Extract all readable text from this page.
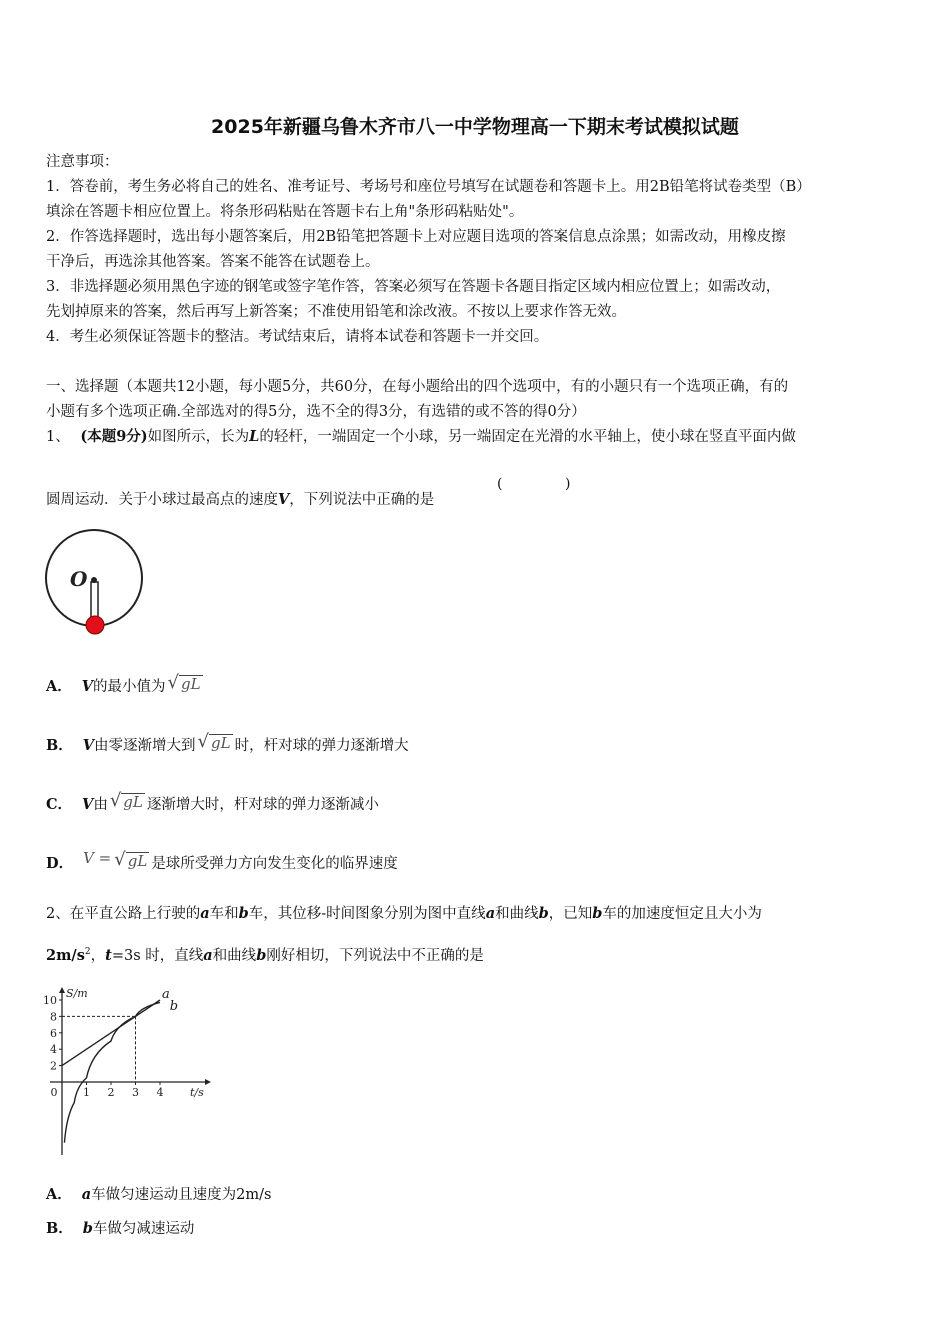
2025年新疆乌鲁木齐市八一中学物理高一下期末考试模拟试题
注意事项：
1．答卷前，考生务必将自己的姓名、准考证号、考场号和座位号填写在试题卷和答题卡上。用2B铅笔将试卷类型（B）
填涂在答题卡相应位置上。将条形码粘贴在答题卡右上角"条形码粘贴处"。
2．作答选择题时，选出每小题答案后，用2B铅笔把答题卡上对应题目选项的答案信息点涂黑；如需改动，用橡皮擦
干净后，再选涂其他答案。答案不能答在试题卷上。
3．非选择题必须用黑色字迹的钢笔或签字笔作答，答案必须写在答题卡各题目指定区域内相应位置上；如需改动，
先划掉原来的答案，然后再写上新答案；不准使用铅笔和涂改液。不按以上要求作答无效。
4．考生必须保证答题卡的整洁。考试结束后，请将本试卷和答题卡一并交回。
一、选择题（本题共12小题，每小题5分，共60分，在每小题给出的四个选项中，有的小题只有一个选项正确，有的
小题有多个选项正确.全部选对的得5分，选不全的得3分，有选错的或不答的得0分）
1、 (本题9分)如图所示，长为L的轻杆，一端固定一个小球，另一端固定在光滑的水平轴上，使小球在竖直平面内做
圆周运动．关于小球过最高点的速度V，下列说法中正确的是
(	)
O
A． V 的最小值为 √ gL
B． V 由零逐渐增大到 √ gL 时，杆对球的弹力逐渐增大
C． V 由 √ gL 逐渐增大时，杆对球的弹力逐渐减小
D． V = √ gL 是球所受弹力方向发生变化的临界速度
2、在平直公路上行驶的a车和b车，其位移-时间图象分别为图中直线a和曲线b，已知b车的加速度恒定且大小为
$2m/s^2$，t=3s 时，直线a和曲线b刚好相切，下列说法中不正确的是
2
4
6
8
10
0 1 2 3 4
S/m
t/s
a
b
A． a 车做匀速运动且速度为2m/s
B． b 车做匀减速运动
